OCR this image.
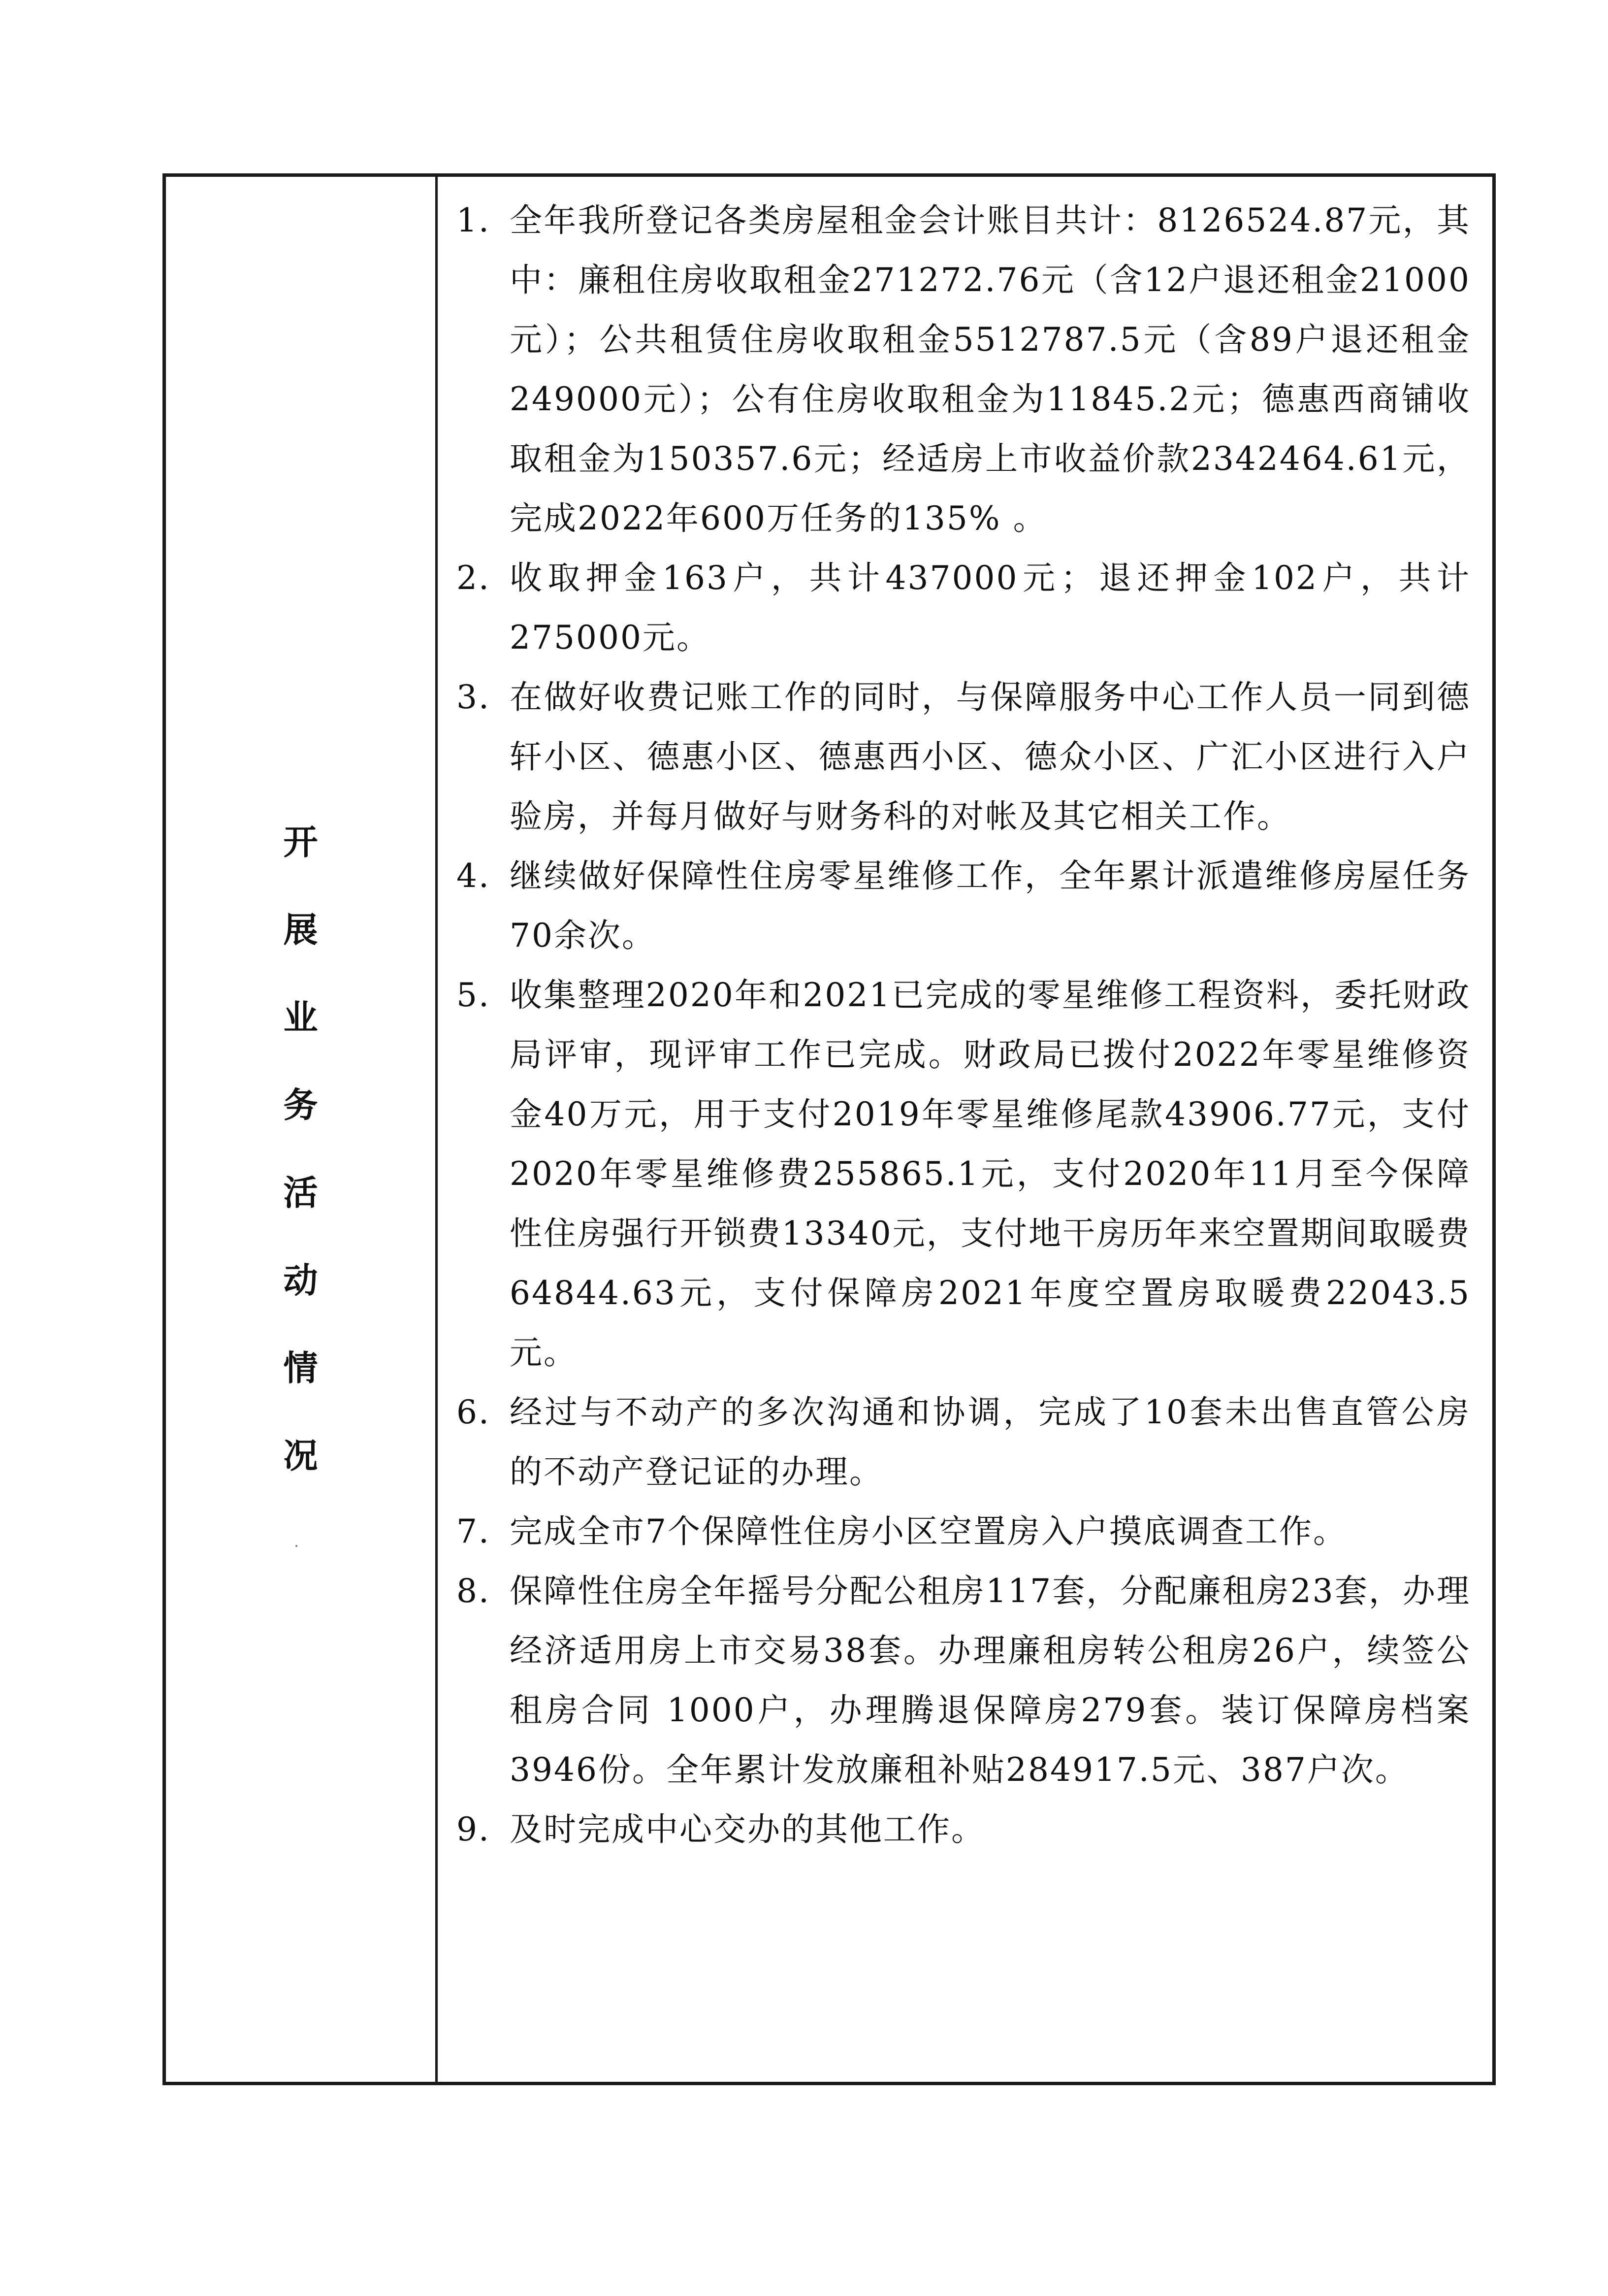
开
展
业
务
活
动
情
况

1. 全年我所登记各类房屋租金会计账目共计：8126524.87元，其中：廉租住房收取租金271272.76元（含12户退还租金21000元）；公共租赁住房收取租金5512787.5元（含89户退还租金249000元）；公有住房收取租金为11845.2元；德惠西商铺收取租金为150357.6元；经适房上市收益价款2342464.61元，完成2022年600万任务的135% 。

2. 收取押金163户，共计437000元；退还押金102户，共计275000元。

3. 在做好收费记账工作的同时，与保障服务中心工作人员一同到德轩小区、德惠小区、德惠西小区、德众小区、广汇小区进行入户验房，并每月做好与财务科的对帐及其它相关工作。

4. 继续做好保障性住房零星维修工作，全年累计派遣维修房屋任务70余次。

5. 收集整理2020年和2021已完成的零星维修工程资料，委托财政局评审，现评审工作已完成。财政局已拨付2022年零星维修资金40万元，用于支付2019年零星维修尾款43906.77元，支付2020年零星维修费255865.1元，支付2020年11月至今保障性住房强行开锁费13340元，支付地干房历年来空置期间取暖费64844.63元，支付保障房2021年度空置房取暖费22043.5元。

6. 经过与不动产的多次沟通和协调，完成了10套未出售直管公房的不动产登记证的办理。

7. 完成全市7个保障性住房小区空置房入户摸底调查工作。

8. 保障性住房全年摇号分配公租房117套，分配廉租房23套，办理经济适用房上市交易38套。办理廉租房转公租房26户，续签公租房合同 1000户，办理腾退保障房279套。装订保障房档案3946份。全年累计发放廉租补贴284917.5元、387户次。

9. 及时完成中心交办的其他工作。
